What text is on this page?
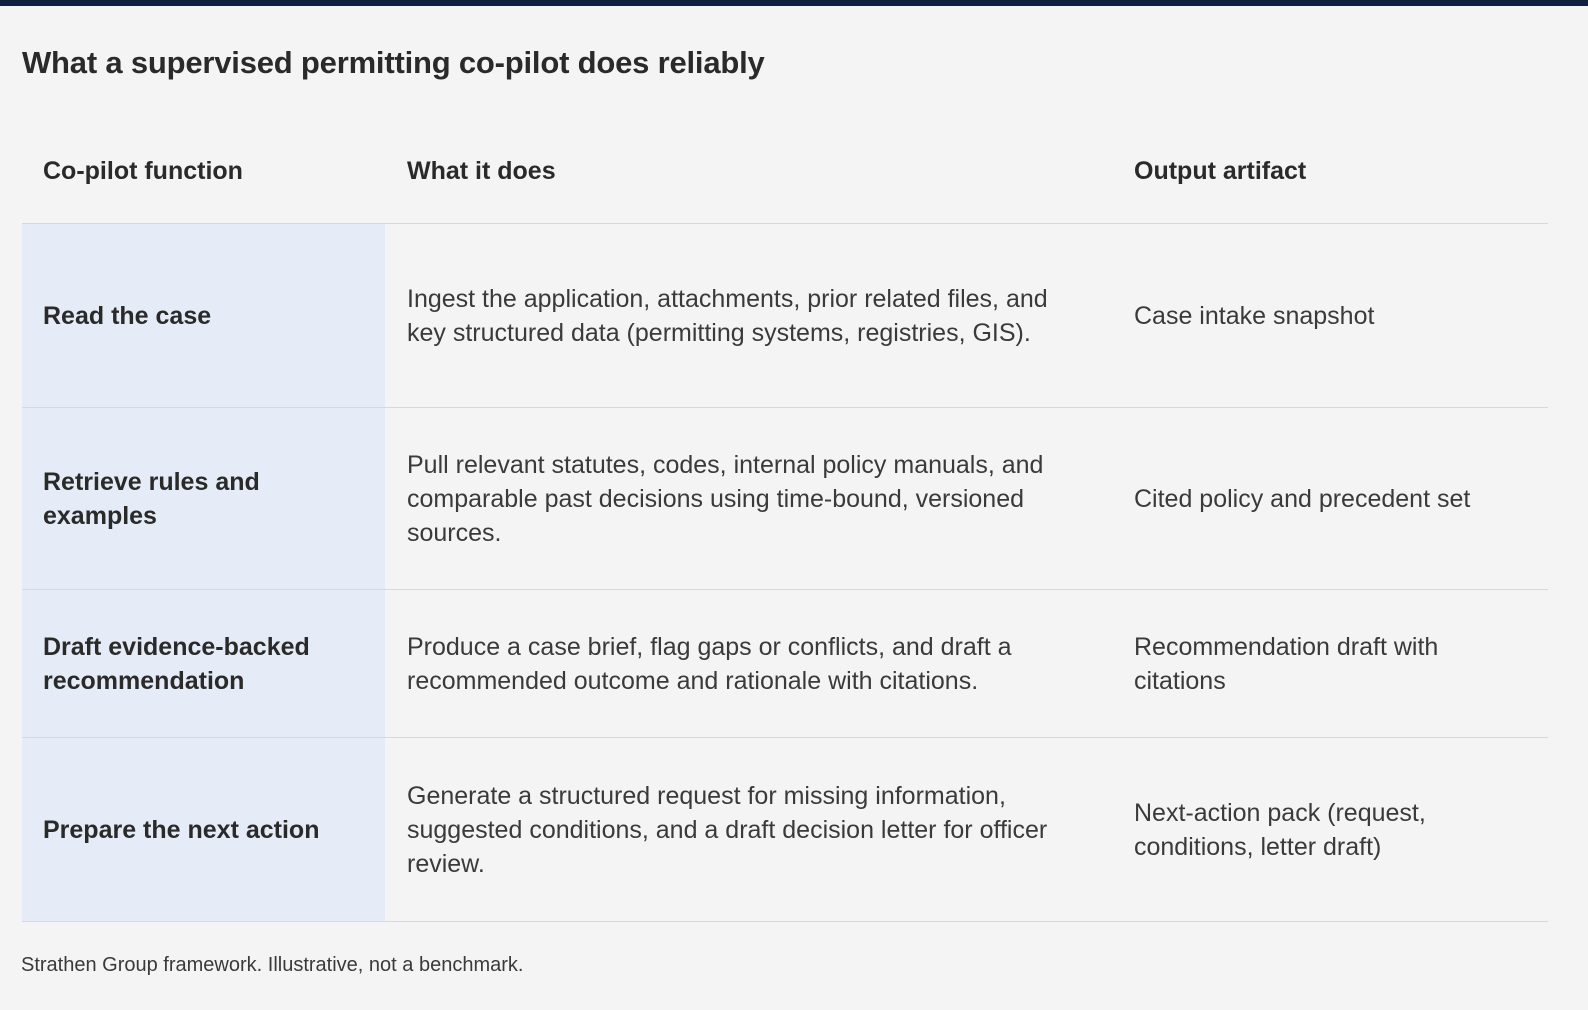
What a supervised permitting co-pilot does reliably
Co-pilot function	What it does	Output artifact
Read the case
Ingest the application, attachments, prior related files, and key structured data (permitting systems, registries, GIS).
Case intake snapshot
Retrieve rules and examples
Pull relevant statutes, codes, internal policy manuals, and comparable past decisions using time-bound, versioned sources.
Cited policy and precedent set
Draft evidence-backed recommendation
Produce a case brief, flag gaps or conflicts, and draft a recommended outcome and rationale with citations.
Recommendation draft with citations
Prepare the next action
Generate a structured request for missing information, suggested conditions, and a draft decision letter for officer review.
Next-action pack (request, conditions, letter draft)
Strathen Group framework. Illustrative, not a benchmark.
